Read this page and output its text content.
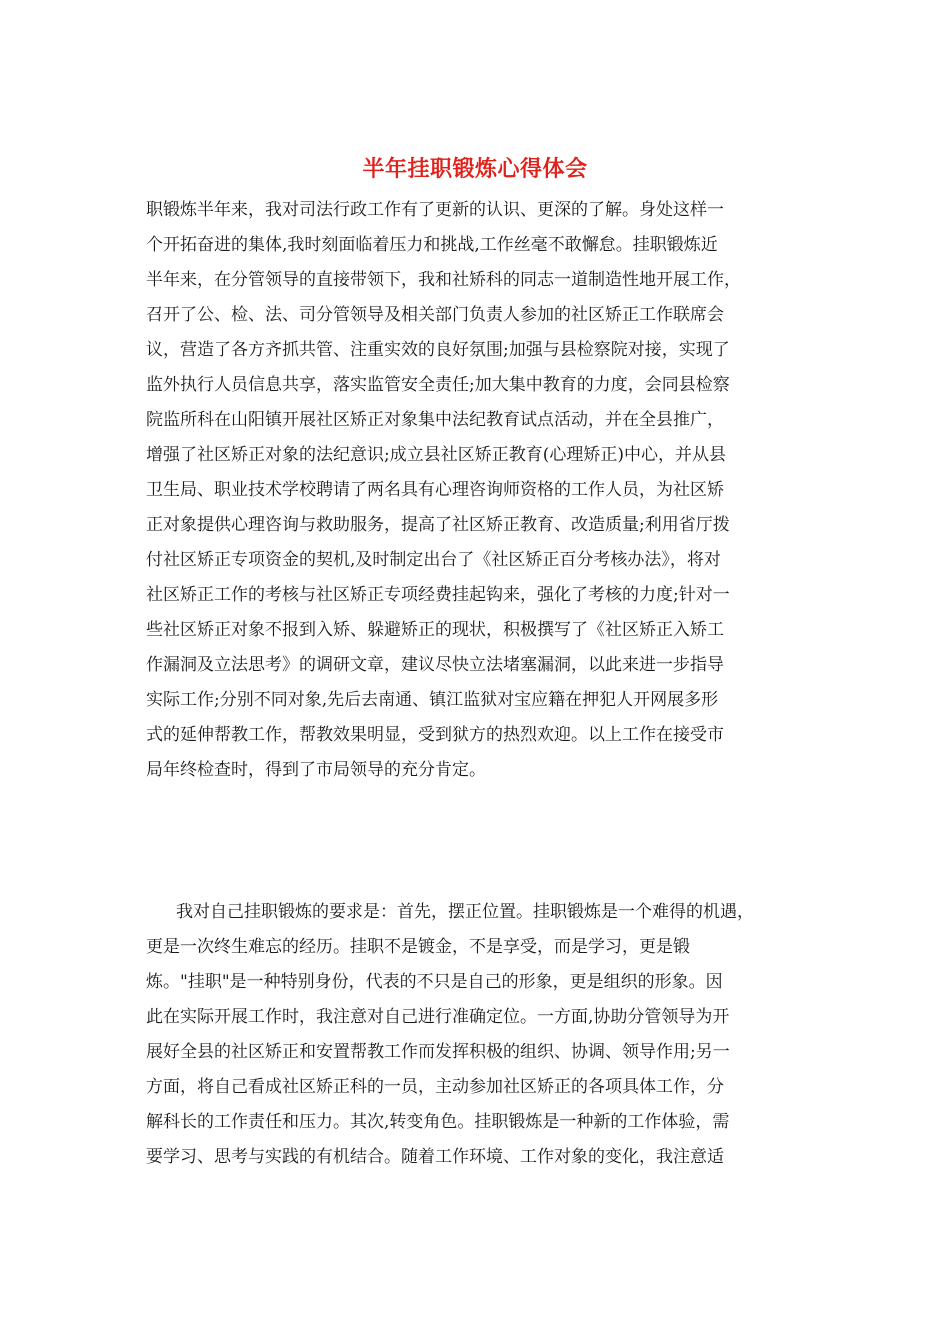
半年挂职锻炼心得体会
职锻炼半年来，我对司法行政工作有了更新的认识、更深的了解。身处这样一
个开拓奋进的集体,我时刻面临着压力和挑战,工作丝毫不敢懈怠。挂职锻炼近
半年来，在分管领导的直接带领下，我和社矫科的同志一道制造性地开展工作，
召开了公、检、法、司分管领导及相关部门负责人参加的社区矫正工作联席会
议，营造了各方齐抓共管、注重实效的良好氛围;加强与县检察院对接，实现了
监外执行人员信息共享，落实监管安全责任;加大集中教育的力度，会同县检察
院监所科在山阳镇开展社区矫正对象集中法纪教育试点活动，并在全县推广，
增强了社区矫正对象的法纪意识;成立县社区矫正教育(心理矫正)中心，并从县
卫生局、职业技术学校聘请了两名具有心理咨询师资格的工作人员，为社区矫
正对象提供心理咨询与救助服务，提高了社区矫正教育、改造质量;利用省厅拨
付社区矫正专项资金的契机,及时制定出台了《社区矫正百分考核办法》，将对
社区矫正工作的考核与社区矫正专项经费挂起钩来，强化了考核的力度;针对一
些社区矫正对象不报到入矫、躲避矫正的现状，积极撰写了《社区矫正入矫工
作漏洞及立法思考》的调研文章，建议尽快立法堵塞漏洞，以此来进一步指导
实际工作;分别不同对象,先后去南通、镇江监狱对宝应籍在押犯人开网展多形
式的延伸帮教工作，帮教效果明显，受到狱方的热烈欢迎。以上工作在接受市
局年终检查时，得到了市局领导的充分肯定。
我对自己挂职锻炼的要求是：首先，摆正位置。挂职锻炼是一个难得的机遇，
更是一次终生难忘的经历。挂职不是镀金，不是享受，而是学习，更是锻
炼。"挂职"是一种特别身份，代表的不只是自己的形象，更是组织的形象。因
此在实际开展工作时，我注意对自己进行准确定位。一方面,协助分管领导为开
展好全县的社区矫正和安置帮教工作而发挥积极的组织、协调、领导作用;另一
方面，将自己看成社区矫正科的一员，主动参加社区矫正的各项具体工作，分
解科长的工作责任和压力。其次,转变角色。挂职锻炼是一种新的工作体验，需
要学习、思考与实践的有机结合。随着工作环境、工作对象的变化，我注意适
